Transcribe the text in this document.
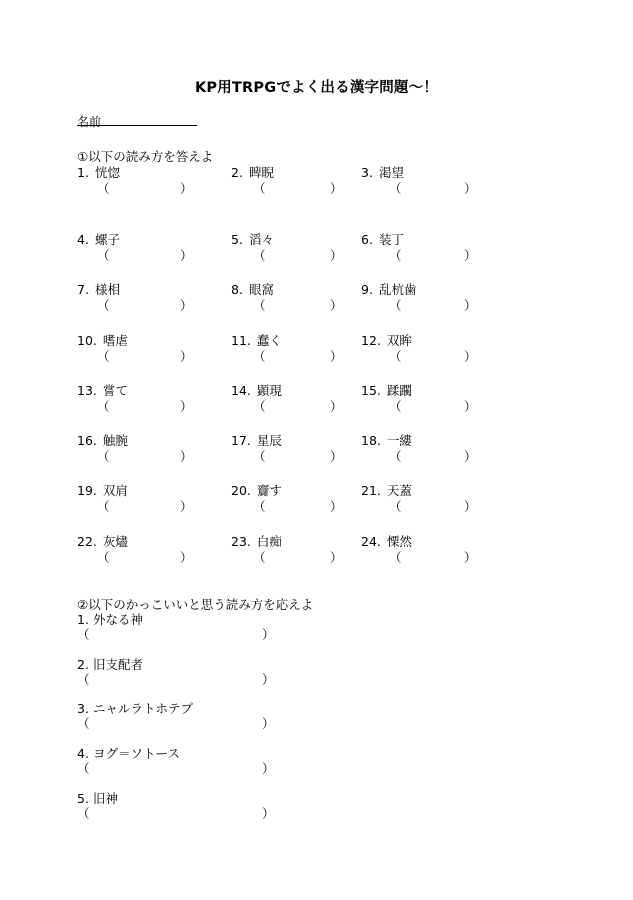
KP用TRPGでよく出る漢字問題〜！
名前
①以下の読み方を答えよ
1. 恍惚
（	）
2. 睥睨
（	）
3. 渇望
（	）
4. 螺子
（	）
5. 滔々
（	）
6. 装丁
（	）
7. 様相
（	）
8. 眼窩
（	）
9. 乱杭歯
（	）
10. 嗜虐
（	）
11. 蠢く
（	）
12. 双眸
（	）
13. 嘗て
（	）
14. 顕現
（	）
15. 蹂躙
（	）
16. 触腕
（	）
17. 星辰
（	）
18. 一縷
（	）
19. 双肩
（	）
20. 齎す
（	）
21. 天蓋
（	）
22. 灰燼
（	）
23. 白痴
（	）
24. 慄然
（	）
②以下のかっこいいと思う読み方を応えよ
1. 外なる神
（	）
2. 旧支配者
（	）
3. ニャルラトホテプ
（	）
4. ヨグ＝ソトース
（	）
5. 旧神
（	）
